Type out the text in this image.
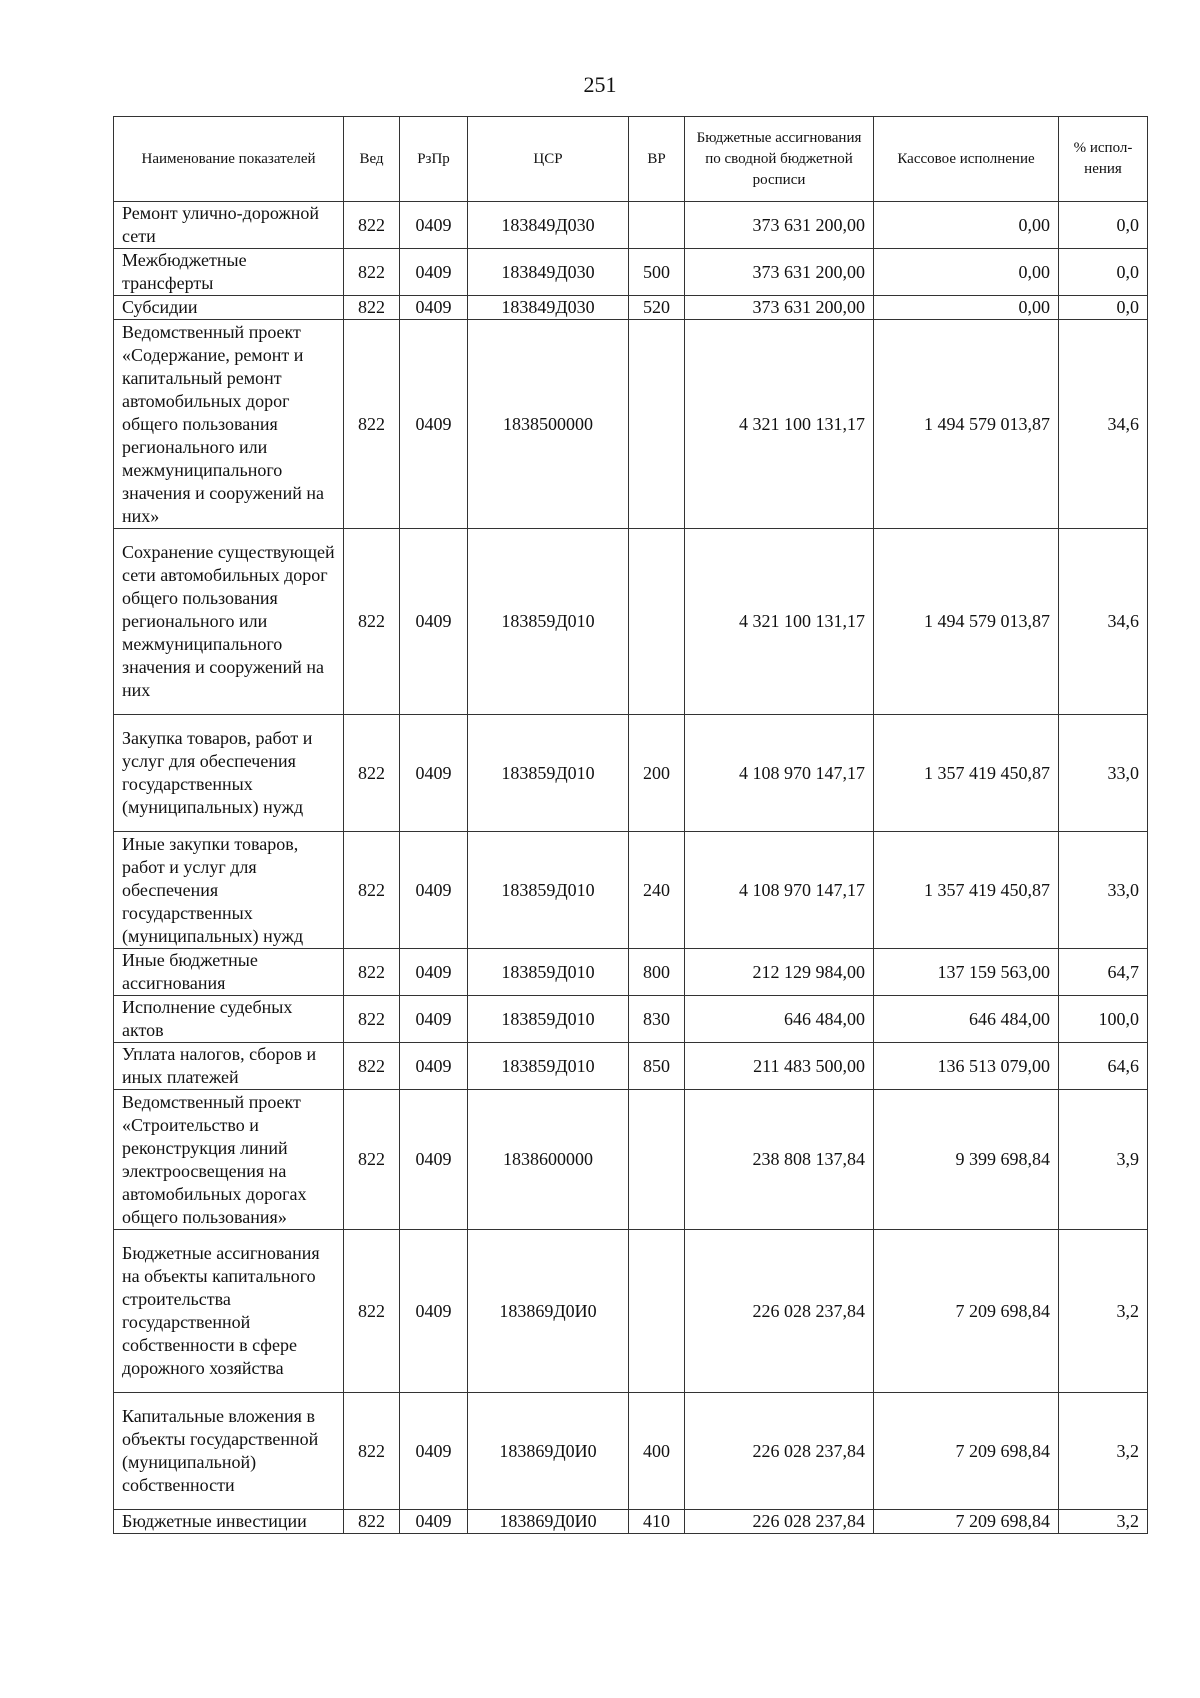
251
Наименование показателей	Вед	РзПр	ЦСР	ВР	Бюджетные ассигнования по сводной бюджетной росписи	Кассовое исполнение	% испол-нения
Ремонт улично-дорожной сети	822	0409	183849Д030		373 631 200,00	0,00	0,0
Межбюджетные трансферты	822	0409	183849Д030	500	373 631 200,00	0,00	0,0
Субсидии	822	0409	183849Д030	520	373 631 200,00	0,00	0,0
Ведомственный проект «Содержание, ремонт и капитальный ремонт автомобильных дорог общего пользования регионального или межмуниципального значения и сооружений на них»	822	0409	1838500000		4 321 100 131,17	1 494 579 013,87	34,6
Сохранение существующей сети автомобильных дорог общего пользования регионального или межмуниципального значения и сооружений на них	822	0409	183859Д010		4 321 100 131,17	1 494 579 013,87	34,6
Закупка товаров, работ и услуг для обеспечения государственных (муниципальных) нужд	822	0409	183859Д010	200	4 108 970 147,17	1 357 419 450,87	33,0
Иные закупки товаров, работ и услуг для обеспечения государственных (муниципальных) нужд	822	0409	183859Д010	240	4 108 970 147,17	1 357 419 450,87	33,0
Иные бюджетные ассигнования	822	0409	183859Д010	800	212 129 984,00	137 159 563,00	64,7
Исполнение судебных актов	822	0409	183859Д010	830	646 484,00	646 484,00	100,0
Уплата налогов, сборов и иных платежей	822	0409	183859Д010	850	211 483 500,00	136 513 079,00	64,6
Ведомственный проект «Строительство и реконструкция линий электроосвещения на автомобильных дорогах общего пользования»	822	0409	1838600000		238 808 137,84	9 399 698,84	3,9
Бюджетные ассигнования на объекты капитального строительства государственной собственности в сфере дорожного хозяйства	822	0409	183869Д0И0		226 028 237,84	7 209 698,84	3,2
Капитальные вложения в объекты государственной (муниципальной) собственности	822	0409	183869Д0И0	400	226 028 237,84	7 209 698,84	3,2
Бюджетные инвестиции	822	0409	183869Д0И0	410	226 028 237,84	7 209 698,84	3,2
